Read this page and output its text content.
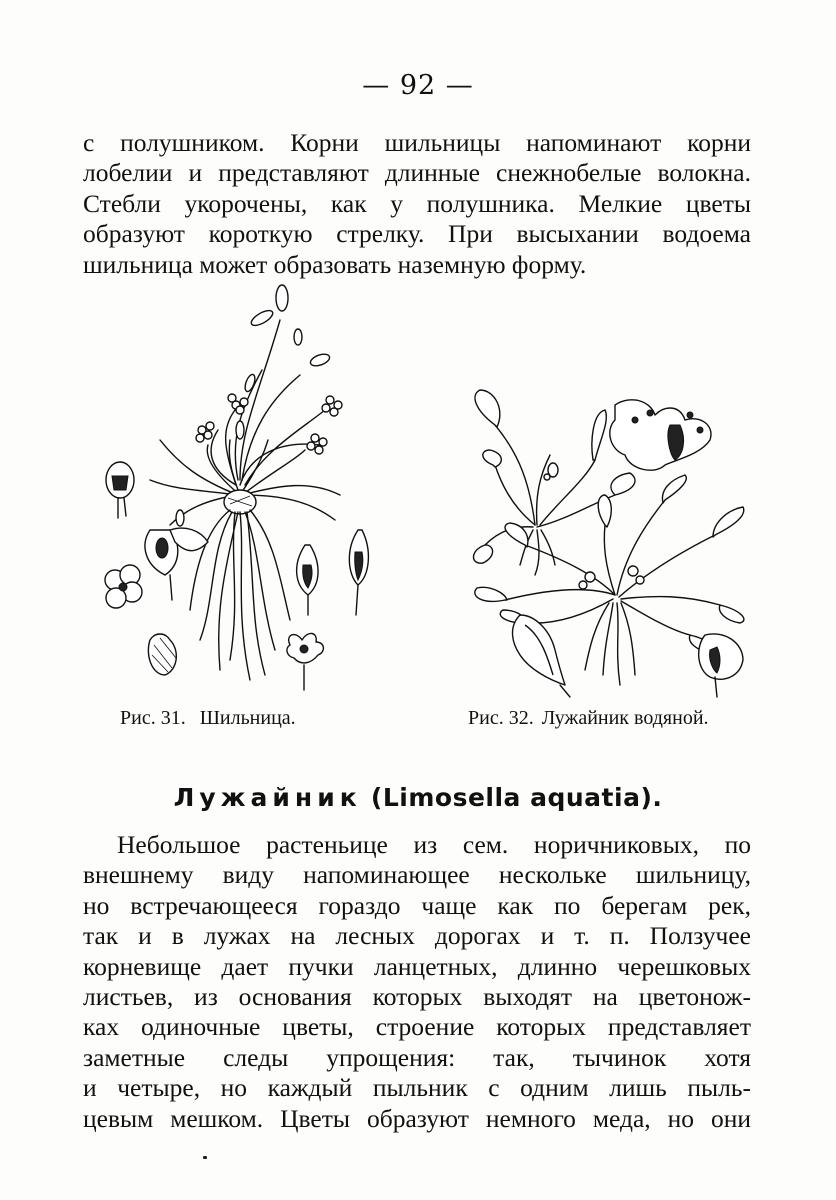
— 92 —
с полушником. Корни шильницы напоминают корни
лобелии и представляют длинные снежнобелые волокна.
Стебли укорочены, как у полушника. Мелкие цветы
образуют короткую стрелку. При высыхании водоема
шильница может образовать наземную форму.
Рис. 31. Шильница.	Рис. 32. Лужайник водяной.
Лужайник (Limosella aquatia).
Небольшое растеньице из сем. норичниковых, по
внешнему виду напоминающее нескольке шильницу,
но встречающееся гораздо чаще как по берегам рек,
так и в лужах на лесных дорогах и т. п. Ползучее
корневище дает пучки ланцетных, длинно черешковых
листьев, из основания которых выходят на цветонож-
ках одиночные цветы, строение которых представляет
заметные следы упрощения: так, тычинок хотя
и четыре, но каждый пыльник с одним лишь пыль-
цевым мешком. Цветы образуют немного меда, но они
